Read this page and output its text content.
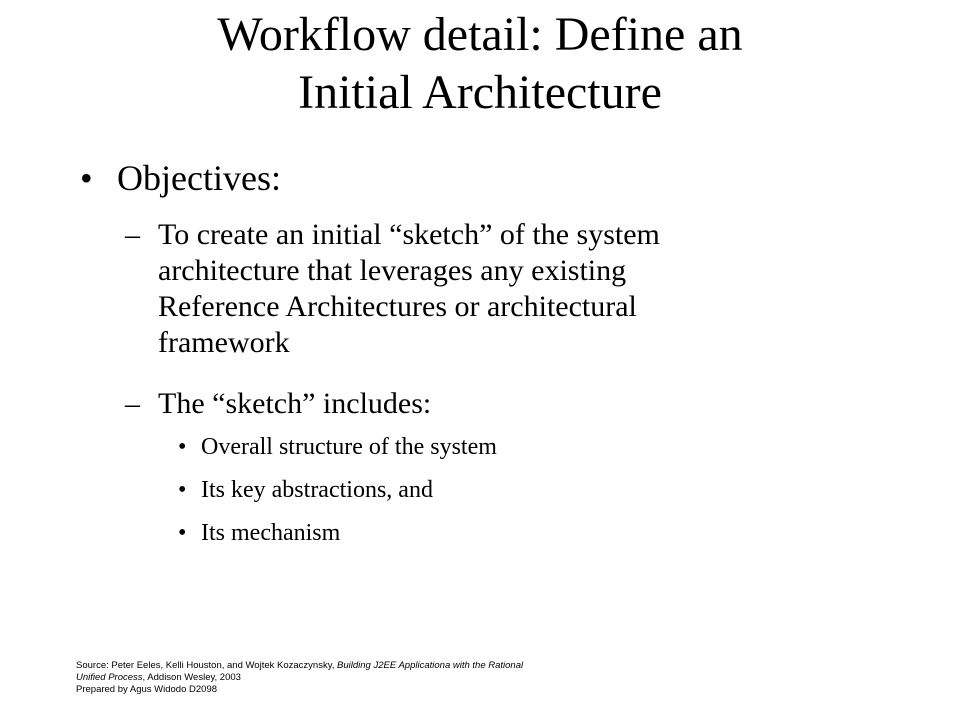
Workflow detail: Define an
Initial Architecture
• Objectives:
– To create an initial “sketch” of the system
architecture that leverages any existing
Reference Architectures or architectural
framework
– The “sketch” includes:
• Overall structure of the system
• Its key abstractions, and
• Its mechanism
Source: Peter Eeles, Kelli Houston, and Wojtek Kozaczynsky, Building J2EE Applicationa with the Rational
Unified Process, Addison Wesley, 2003
Prepared by Agus Widodo D2098
